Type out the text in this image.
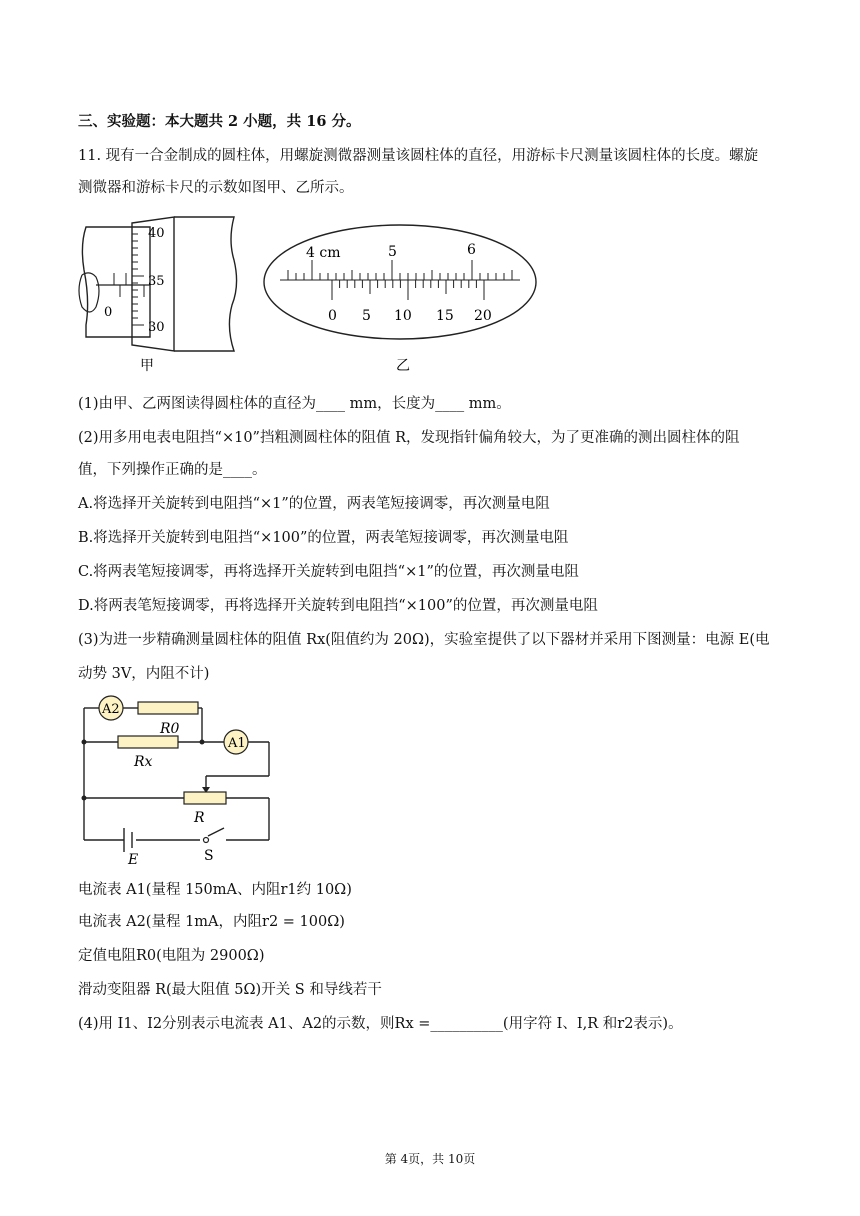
三、实验题：本大题共 2 小题，共 16 分。
11. 现有一合金制成的圆柱体，用螺旋测微器测量该圆柱体的直径，用游标卡尺测量该圆柱体的长度。螺旋
测微器和游标卡尺的示数如图甲、乙所示。
0
40
35
30
甲
4 cm	5	6
0 5 10 15 20
乙
(1)由甲、乙两图读得圆柱体的直径为____ mm，长度为____ mm。
(2)用多用电表电阻挡“×10”挡粗测圆柱体的阻值 R，发现指针偏角较大，为了更准确的测出圆柱体的阻
值，下列操作正确的是____。
A.将选择开关旋转到电阻挡“×1”的位置，两表笔短接调零，再次测量电阻
B.将选择开关旋转到电阻挡“×100”的位置，两表笔短接调零，再次测量电阻
C.将两表笔短接调零，再将选择开关旋转到电阻挡“×1”的位置，再次测量电阻
D.将两表笔短接调零，再将选择开关旋转到电阻挡“×100”的位置，再次测量电阻
(3)为进一步精确测量圆柱体的阻值 Rx(阻值约为 20Ω)，实验室提供了以下器材并采用下图测量：电源 E(电
动势 3V，内阻不计)
A2
A1
R0
Rx
R
E	S
电流表 A1(量程 150mA、内阻r1约 10Ω)
电流表 A2(量程 1mA，内阻r2 = 100Ω)
定值电阻R0(电阻为 2900Ω)
滑动变阻器 R(最大阻值 5Ω)开关 S 和导线若干
(4)用 I1、I2分别表示电流表 A1、A2的示数，则Rx =__________(用字符 I、I,R 和r2表示)。
第 4页，共 10页
